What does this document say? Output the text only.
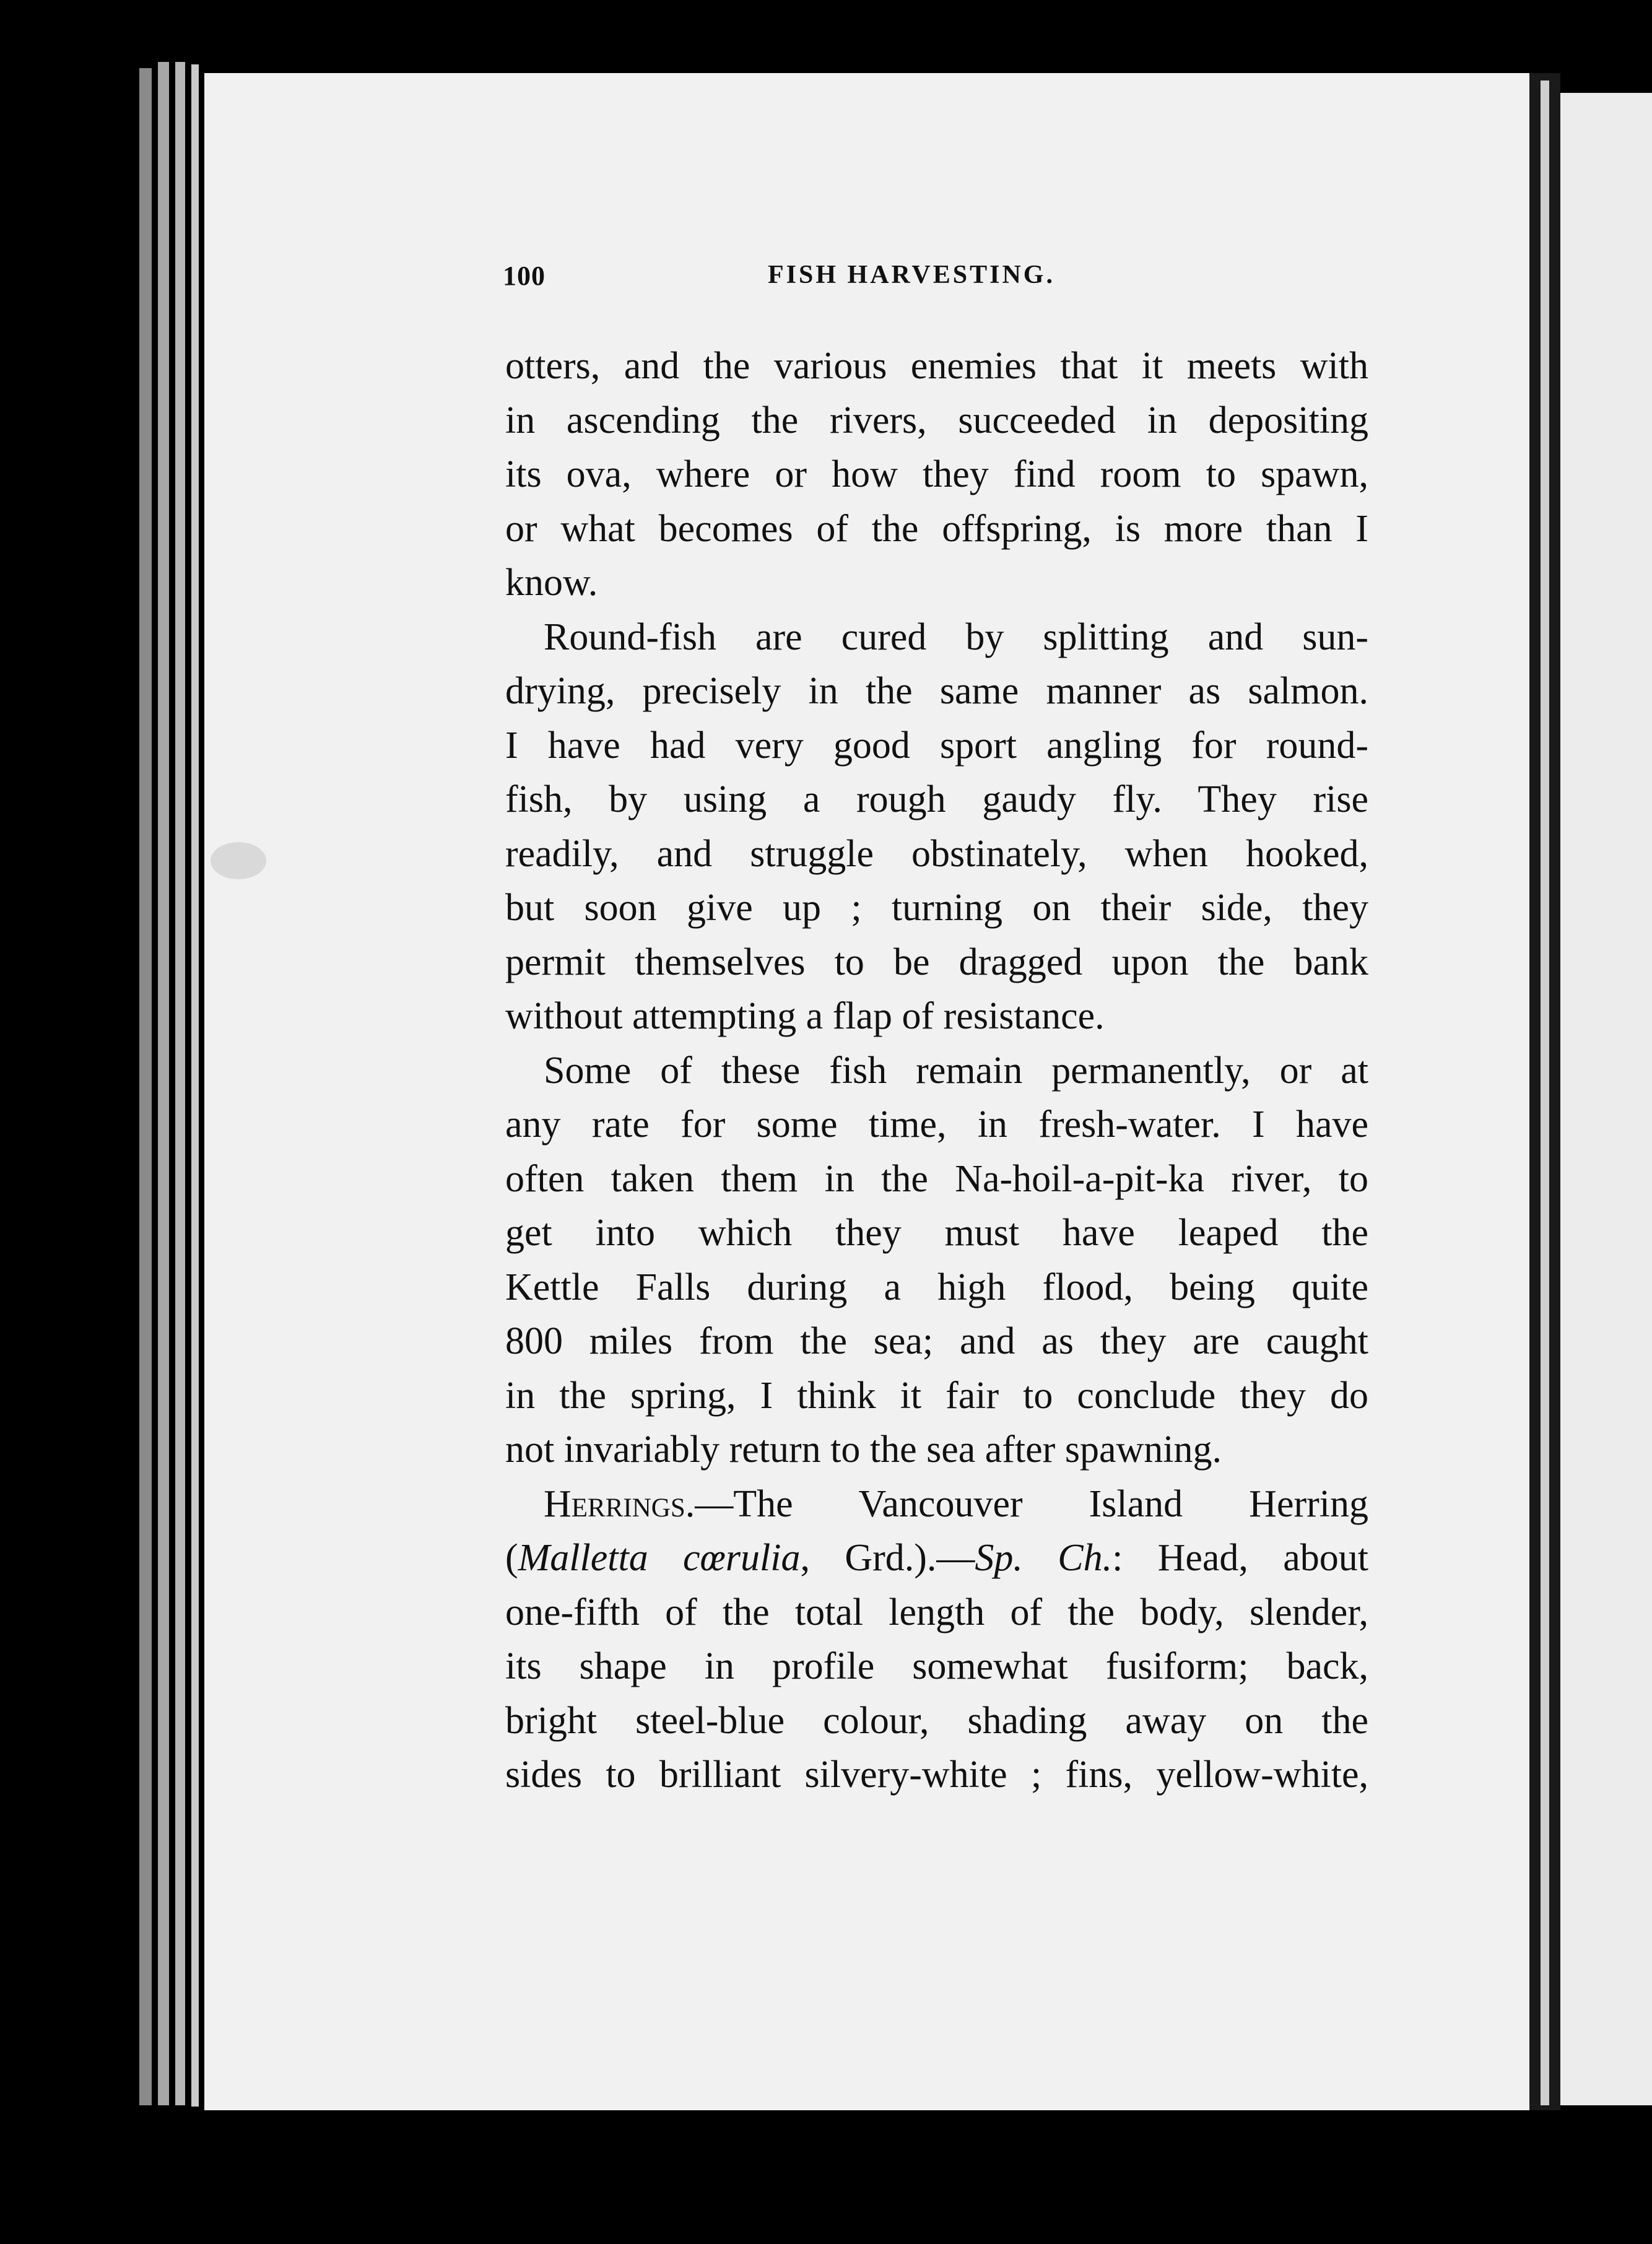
100	FISH HARVESTING.
otters, and the various enemies that it meets with
in ascending the rivers, succeeded in depositing
its ova, where or how they find room to spawn,
or what becomes of the offspring, is more than I
know.
Round-fish are cured by splitting and sun-
drying, precisely in the same manner as salmon.
I have had very good sport angling for round-
fish, by using a rough gaudy fly. They rise
readily, and struggle obstinately, when hooked,
but soon give up ; turning on their side, they
permit themselves to be dragged upon the bank
without attempting a flap of resistance.
Some of these fish remain permanently, or at
any rate for some time, in fresh-water. I have
often taken them in the Na-hoil-a-pit-ka river, to
get into which they must have leaped the
Kettle Falls during a high flood, being quite
800 miles from the sea; and as they are caught
in the spring, I think it fair to conclude they do
not invariably return to the sea after spawning.
Herrings.—The Vancouver Island Herring
(Malletta cœrulia, Grd.).—Sp. Ch.: Head, about
one-fifth of the total length of the body, slender,
its shape in profile somewhat fusiform; back,
bright steel-blue colour, shading away on the
sides to brilliant silvery-white ; fins, yellow-white,
